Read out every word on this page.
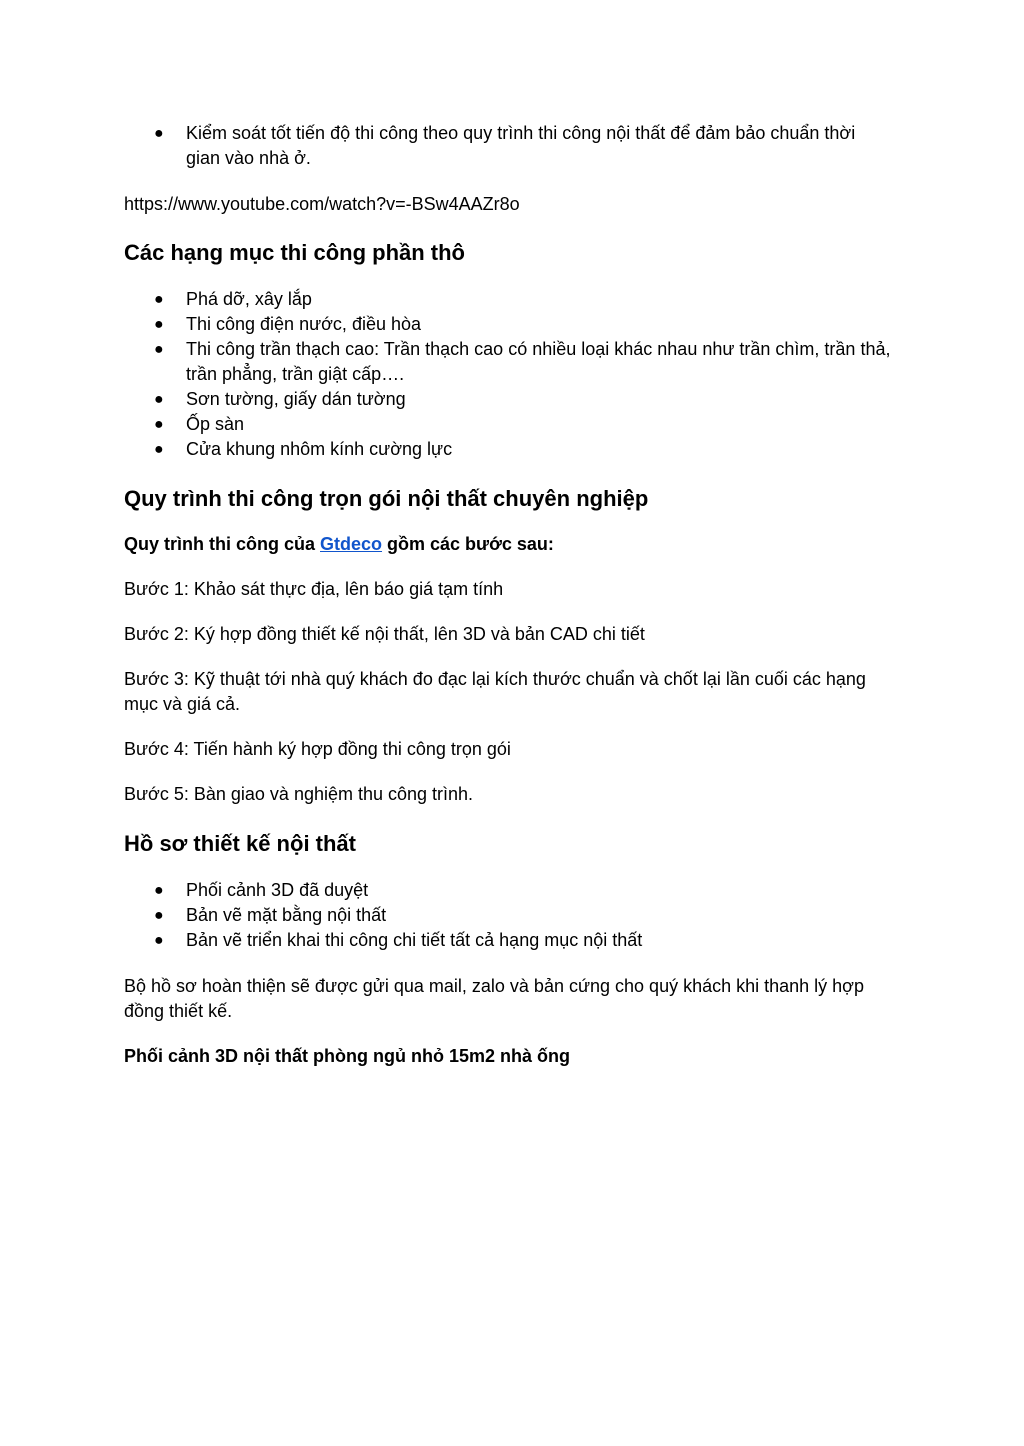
● Kiểm soát tốt tiến độ thi công theo quy trình thi công nội thất để đảm bảo chuẩn thời gian vào nhà ở.

https://www.youtube.com/watch?v=-BSw4AAZr8o

Các hạng mục thi công phần thô
● Phá dỡ, xây lắp
● Thi công điện nước, điều hòa
● Thi công trần thạch cao: Trần thạch cao có nhiều loại khác nhau như trần chìm, trần thả, trần phẳng, trần giật cấp….
● Sơn tường, giấy dán tường
● Ốp sàn
● Cửa khung nhôm kính cường lực
Quy trình thi công trọn gói nội thất chuyên nghiệp

Quy trình thi công của Gtdeco gồm các bước sau:

Bước 1: Khảo sát thực địa, lên báo giá tạm tính

Bước 2: Ký hợp đồng thiết kế nội thất, lên 3D và bản CAD chi tiết

Bước 3: Kỹ thuật tới nhà quý khách đo đạc lại kích thước chuẩn và chốt lại lần cuối các hạng mục và giá cả.

Bước 4: Tiến hành ký hợp đồng thi công trọn gói

Bước 5: Bàn giao và nghiệm thu công trình.

Hồ sơ thiết kế nội thất
● Phối cảnh 3D đã duyệt
● Bản vẽ mặt bằng nội thất
● Bản vẽ triển khai thi công chi tiết tất cả hạng mục nội thất

Bộ hồ sơ hoàn thiện sẽ được gửi qua mail, zalo và bản cứng cho quý khách khi thanh lý hợp đồng thiết kế.

Phối cảnh 3D nội thất phòng ngủ nhỏ 15m2 nhà ống
